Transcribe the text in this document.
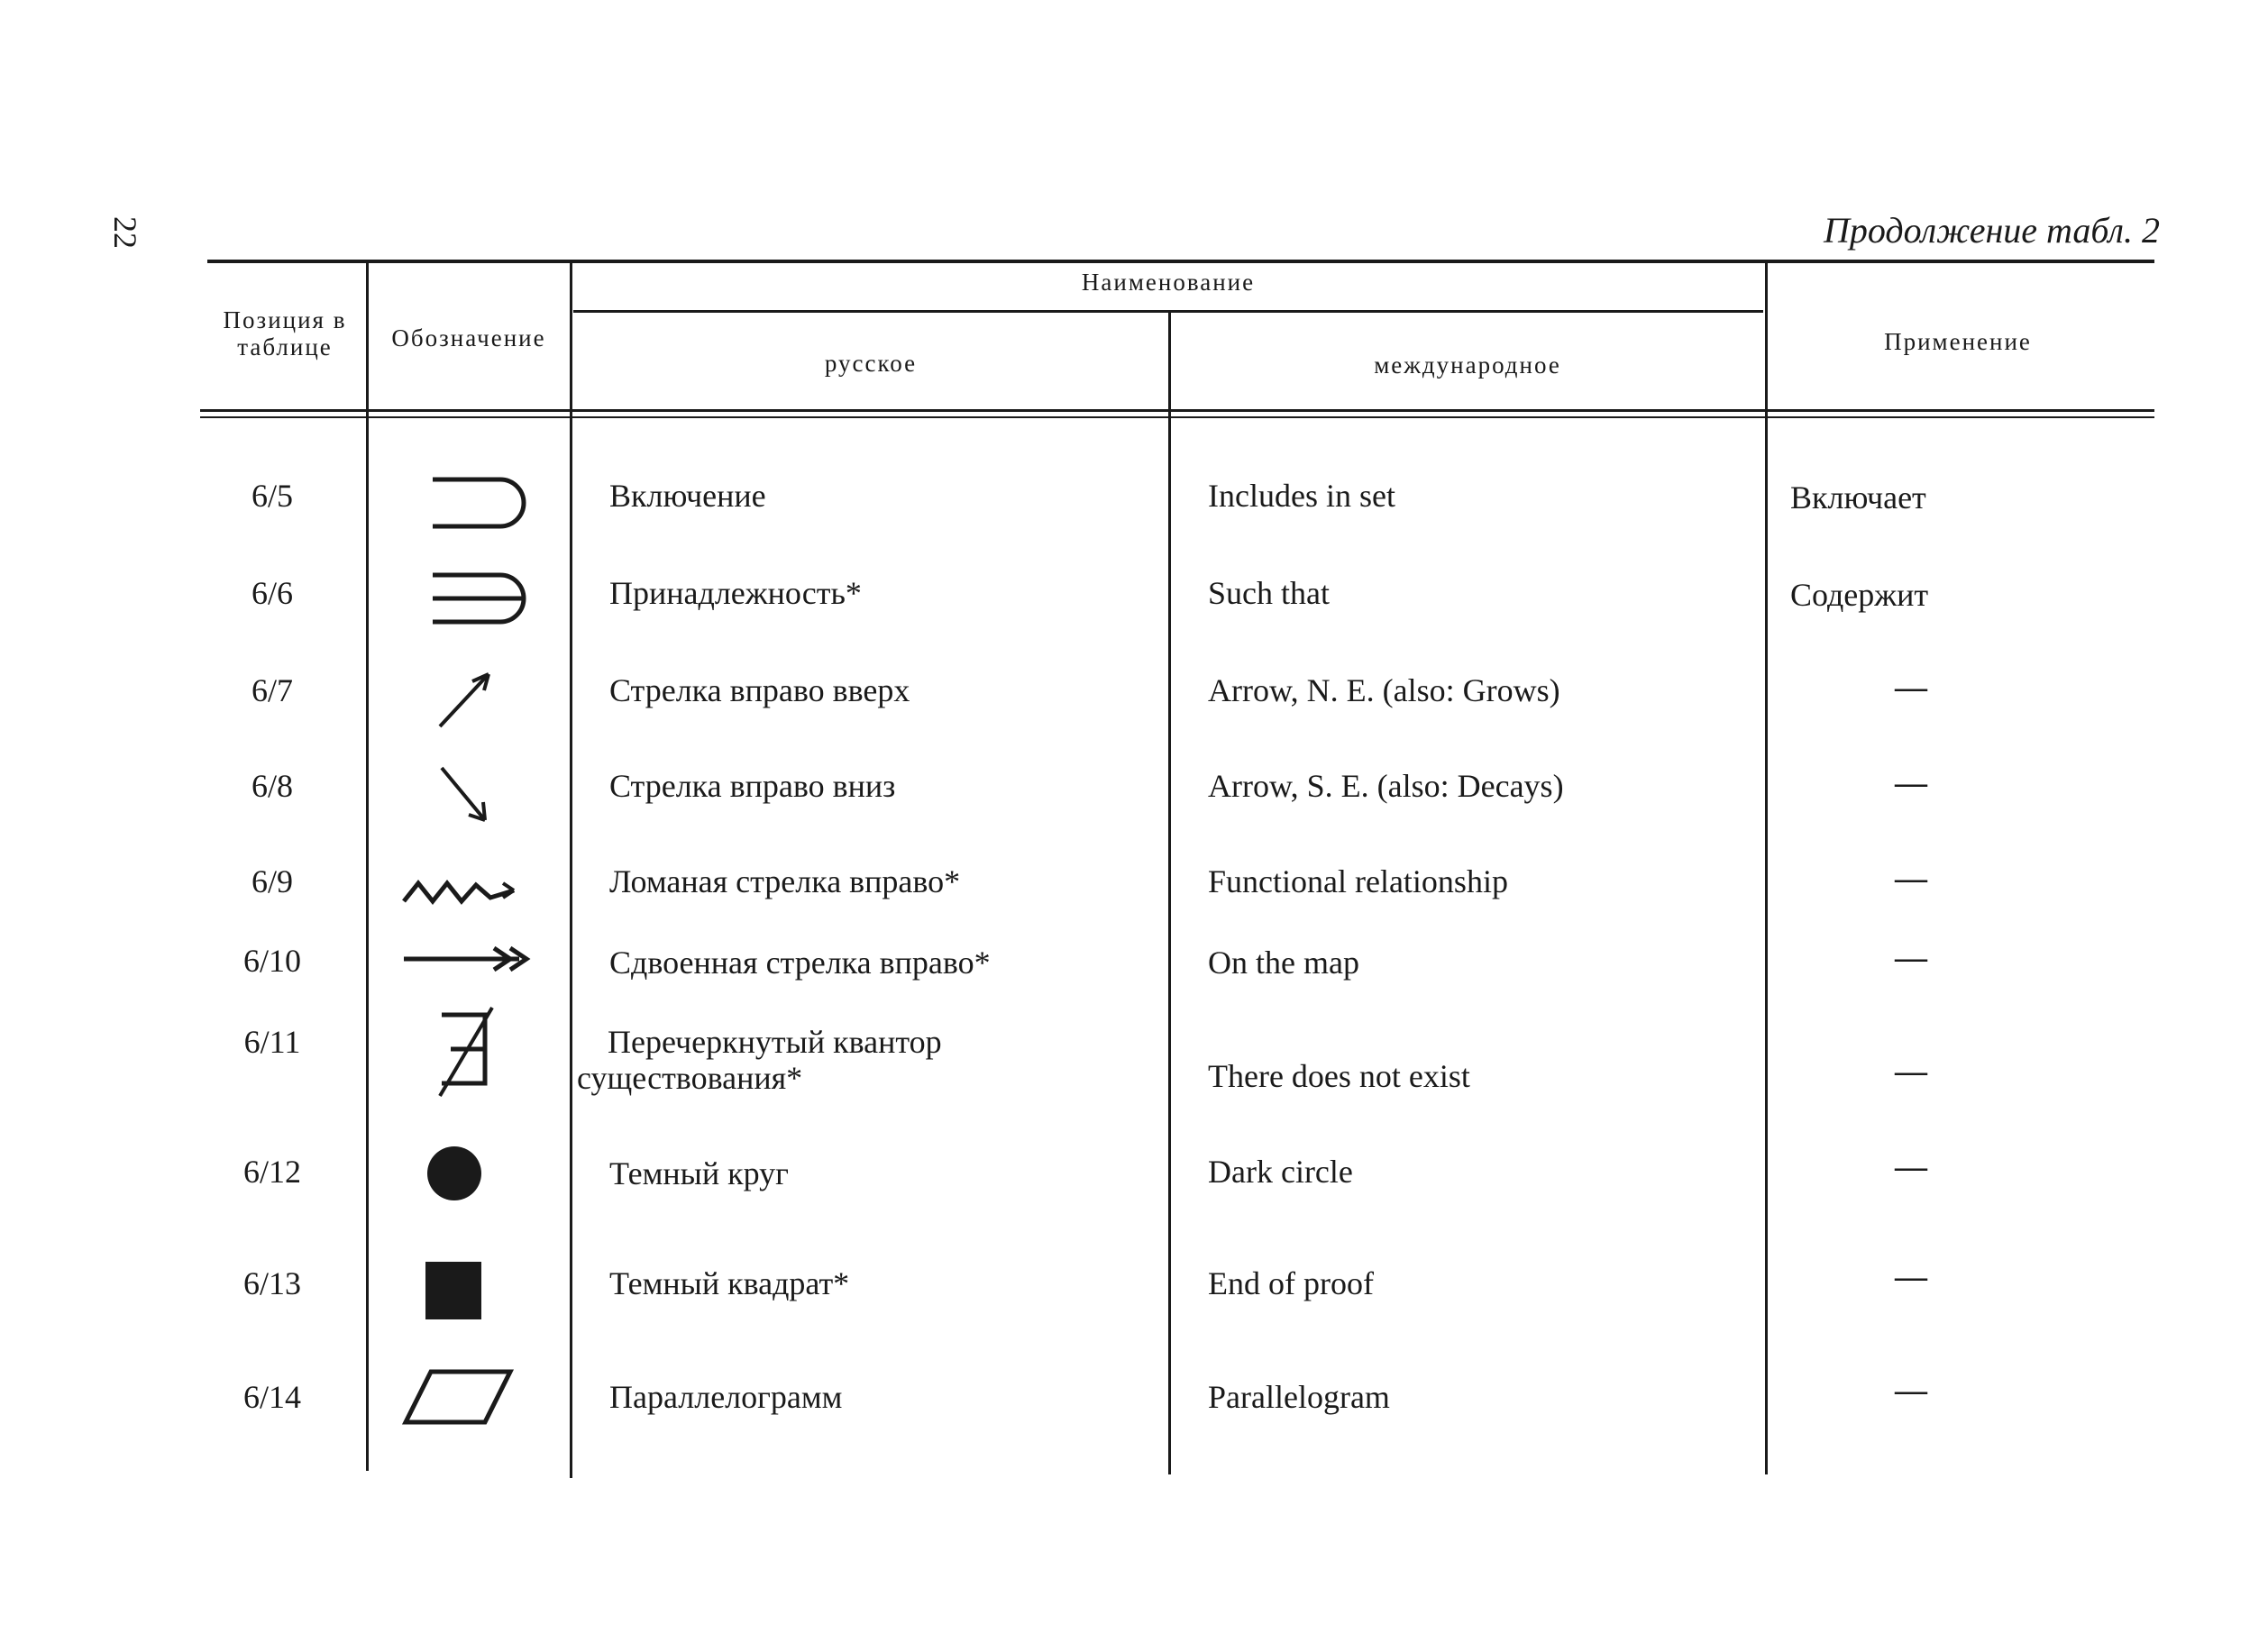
22	Продолжение табл. 2
Позиция в таблице	Обозначение
Наименование
русское	международное
Применение
6/5	Включение	Includes in set	Включает
6/6	Принадлежность*	Such that	Содержит
6/7	Стрелка вправо вверх	Arrow, N. E. (also: Grows)	—
6/8	Стрелка вправо вниз	Arrow, S. E. (also: Decays)	—
6/9	Ломаная стрелка вправо*	Functional relationship	—
6/10	Сдвоенная стрелка вправо*	On the map	—
6/11	Перечеркнутый квантор существования*	There does not exist	—
6/12	Темный круг	Dark circle	—
6/13	Темный квадрат*	End of proof	—
6/14	Параллелограмм	Parallelogram	—
